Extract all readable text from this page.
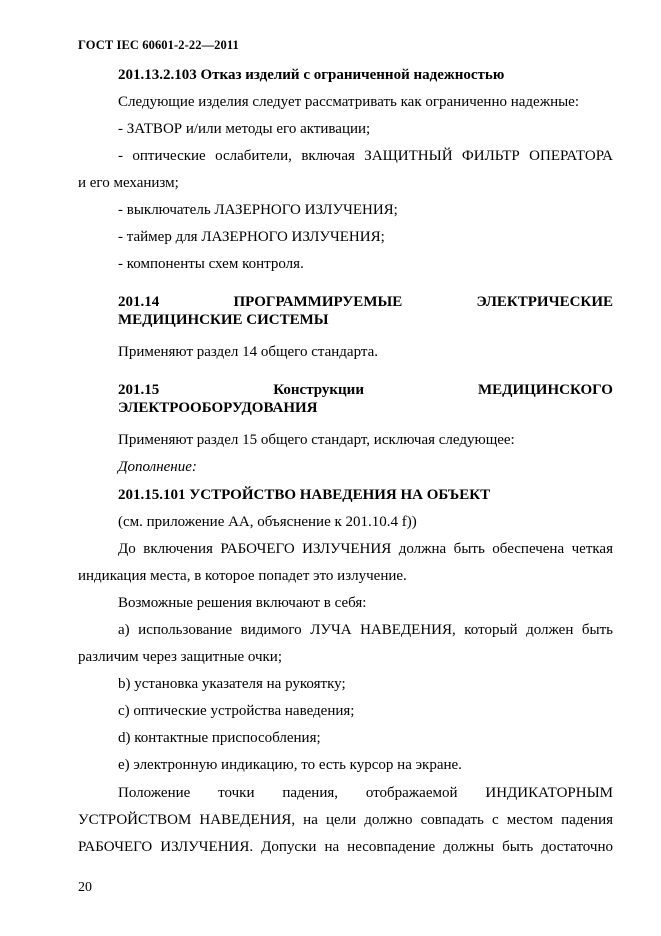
ГОСТ IEC 60601-2-22—2011
201.13.2.103 Отказ изделий с ограниченной надежностью
Следующие изделия следует рассматривать как ограниченно надежные:
- ЗАТВОР и/или методы его активации;
- оптические ослабители, включая ЗАЩИТНЫЙ ФИЛЬТР ОПЕРАТОРА
и его механизм;
- выключатель ЛАЗЕРНОГО ИЗЛУЧЕНИЯ;
- таймер для ЛАЗЕРНОГО ИЗЛУЧЕНИЯ;
- компоненты схем контроля.
201.14	ПРОГРАММИРУЕМЫЕ	ЭЛЕКТРИЧЕСКИЕ
МЕДИЦИНСКИЕ СИСТЕМЫ
Применяют раздел 14 общего стандарта.
201.15	Конструкции	МЕДИЦИНСКОГО
ЭЛЕКТРООБОРУДОВАНИЯ
Применяют раздел 15 общего стандарт, исключая следующее:
Дополнение:
201.15.101 УСТРОЙСТВО НАВЕДЕНИЯ НА ОБЪЕКТ
(см. приложение АА, объяснение к 201.10.4 f))
До включения РАБОЧЕГО ИЗЛУЧЕНИЯ должна быть обеспечена четкая
индикация места, в которое попадет это излучение.
Возможные решения включают в себя:
а) использование видимого ЛУЧА НАВЕДЕНИЯ, который должен быть
различим через защитные очки;
b) установка указателя на рукоятку;
c) оптические устройства наведения;
d) контактные приспособления;
e) электронную индикацию, то есть курсор на экране.
Положение точки падения, отображаемой ИНДИКАТОРНЫМ
УСТРОЙСТВОМ НАВЕДЕНИЯ, на цели должно совпадать с местом падения
РАБОЧЕГО ИЗЛУЧЕНИЯ. Допуски на несовпадение должны быть достаточно
20
